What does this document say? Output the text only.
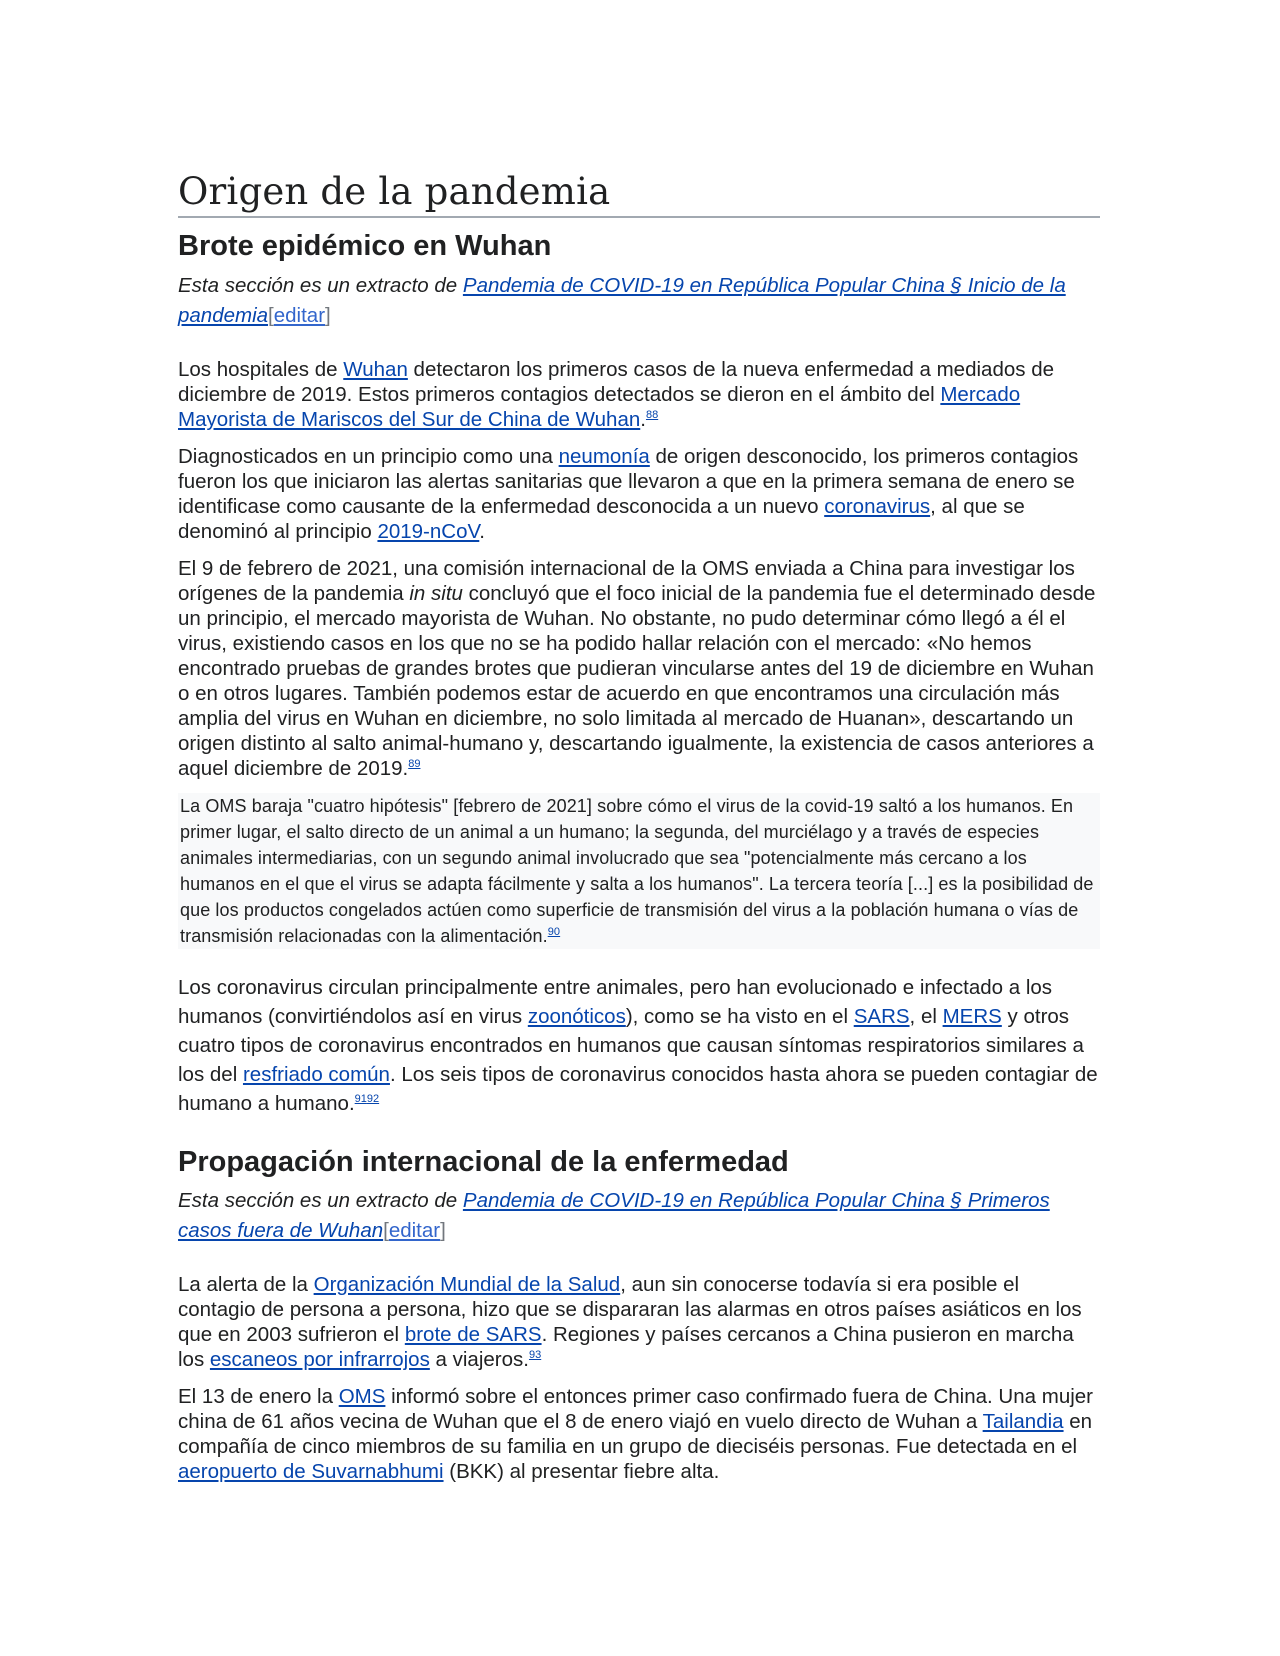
Origen de la pandemia
Brote epidémico en Wuhan
Esta sección es un extracto de Pandemia de COVID-19 en República Popular China § Inicio de la pandemia[editar]

Los hospitales de Wuhan detectaron los primeros casos de la nueva enfermedad a mediados de diciembre de 2019. Estos primeros contagios detectados se dieron en el ámbito del Mercado Mayorista de Mariscos del Sur de China de Wuhan.$^{88}$

Diagnosticados en un principio como una neumonía de origen desconocido, los primeros contagios fueron los que iniciaron las alertas sanitarias que llevaron a que en la primera semana de enero se identificase como causante de la enfermedad desconocida a un nuevo coronavirus, al que se denominó al principio 2019-nCoV.

El 9 de febrero de 2021, una comisión internacional de la OMS enviada a China para investigar los orígenes de la pandemia in situ concluyó que el foco inicial de la pandemia fue el determinado desde un principio, el mercado mayorista de Wuhan. No obstante, no pudo determinar cómo llegó a él el virus, existiendo casos en los que no se ha podido hallar relación con el mercado: «No hemos encontrado pruebas de grandes brotes que pudieran vincularse antes del 19 de diciembre en Wuhan o en otros lugares. También podemos estar de acuerdo en que encontramos una circulación más amplia del virus en Wuhan en diciembre, no solo limitada al mercado de Huanan», descartando un origen distinto al salto animal-humano y, descartando igualmente, la existencia de casos anteriores a aquel diciembre de 2019.89

La OMS baraja "cuatro hipótesis" [febrero de 2021] sobre cómo el virus de la covid-19 saltó a los humanos. En primer lugar, el salto directo de un animal a un humano; la segunda, del murciélago y a través de especies animales intermediarias, con un segundo animal involucrado que sea "potencialmente más cercano a los humanos en el que el virus se adapta fácilmente y salta a los humanos". La tercera teoría [...] es la posibilidad de que los productos congelados actúen como superficie de transmisión del virus a la población humana o vías de transmisión relacionadas con la alimentación.$^{90}$

Los coronavirus circulan principalmente entre animales, pero han evolucionado e infectado a los humanos (convirtiéndolos así en virus zoonóticos), como se ha visto en el SARS, el MERS y otros cuatro tipos de coronavirus encontrados en humanos que causan síntomas respiratorios similares a los del resfriado común. Los seis tipos de coronavirus conocidos hasta ahora se pueden contagiar de humano a humano.$^{9192}$

Propagación internacional de la enfermedad
Esta sección es un extracto de Pandemia de COVID-19 en República Popular China § Primeros casos fuera de Wuhan[editar]

La alerta de la Organización Mundial de la Salud, aun sin conocerse todavía si era posible el contagio de persona a persona, hizo que se dispararan las alarmas en otros países asiáticos en los que en 2003 sufrieron el brote de SARS. Regiones y países cercanos a China pusieron en marcha los escaneos por infrarrojos a viajeros.$^{93}$

El 13 de enero la OMS informó sobre el entonces primer caso confirmado fuera de China. Una mujer china de 61 años vecina de Wuhan que el 8 de enero viajó en vuelo directo de Wuhan a Tailandia en compañía de cinco miembros de su familia en un grupo de dieciséis personas. Fue detectada en el aeropuerto de Suvarnabhumi (BKK) al presentar fiebre alta.
